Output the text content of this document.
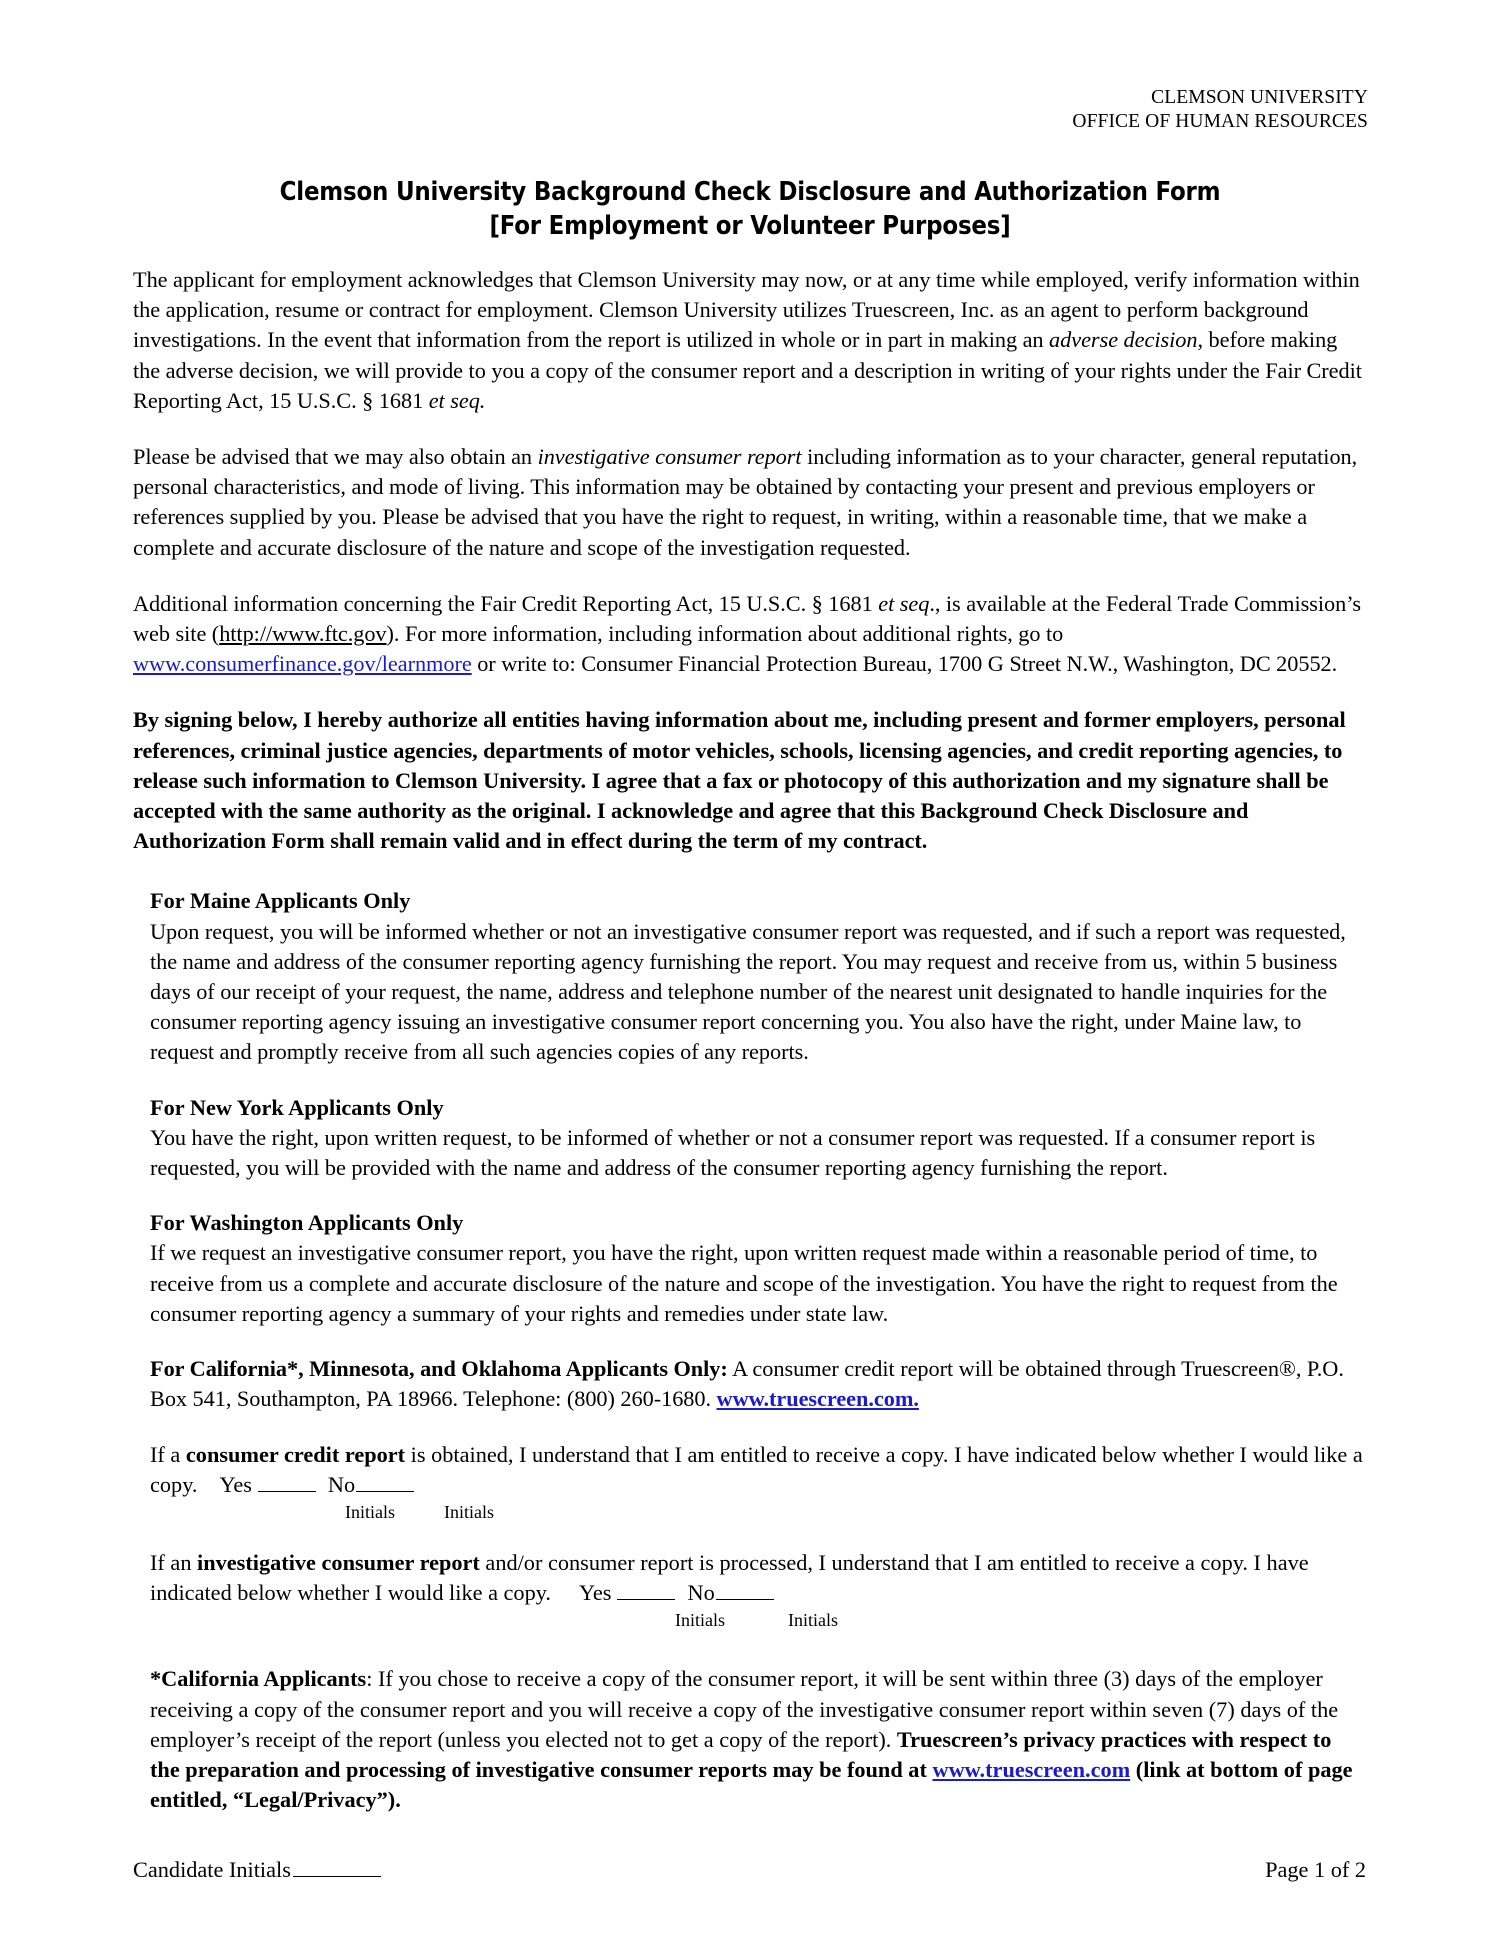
CLEMSON UNIVERSITY
OFFICE OF HUMAN RESOURCES
Clemson University Background Check Disclosure and Authorization Form
[For Employment or Volunteer Purposes]

The applicant for employment acknowledges that Clemson University may now, or at any time while employed, verify information within the application, resume or contract for employment. Clemson University utilizes Truescreen, Inc. as an agent to perform background investigations. In the event that information from the report is utilized in whole or in part in making an adverse decision, before making the adverse decision, we will provide to you a copy of the consumer report and a description in writing of your rights under the Fair Credit Reporting Act, 15 U.S.C. § 1681 et seq.

Please be advised that we may also obtain an investigative consumer report including information as to your character, general reputation, personal characteristics, and mode of living. This information may be obtained by contacting your present and previous employers or references supplied by you. Please be advised that you have the right to request, in writing, within a reasonable time, that we make a complete and accurate disclosure of the nature and scope of the investigation requested.

Additional information concerning the Fair Credit Reporting Act, 15 U.S.C. § 1681 et seq., is available at the Federal Trade Commission’s web site (http://www.ftc.gov). For more information, including information about additional rights, go to www.consumerfinance.gov/learnmore or write to: Consumer Financial Protection Bureau, 1700 G Street N.W., Washington, DC 20552.

By signing below, I hereby authorize all entities having information about me, including present and former employers, personal references, criminal justice agencies, departments of motor vehicles, schools, licensing agencies, and credit reporting agencies, to release such information to Clemson University. I agree that a fax or photocopy of this authorization and my signature shall be accepted with the same authority as the original. I acknowledge and agree that this Background Check Disclosure and Authorization Form shall remain valid and in effect during the term of my contract.

For Maine Applicants Only

Upon request, you will be informed whether or not an investigative consumer report was requested, and if such a report was requested, the name and address of the consumer reporting agency furnishing the report. You may request and receive from us, within 5 business days of our receipt of your request, the name, address and telephone number of the nearest unit designated to handle inquiries for the consumer reporting agency issuing an investigative consumer report concerning you. You also have the right, under Maine law, to request and promptly receive from all such agencies copies of any reports.

For New York Applicants Only

You have the right, upon written request, to be informed of whether or not a consumer report was requested. If a consumer report is requested, you will be provided with the name and address of the consumer reporting agency furnishing the report.

For Washington Applicants Only

If we request an investigative consumer report, you have the right, upon written request made within a reasonable period of time, to receive from us a complete and accurate disclosure of the nature and scope of the investigation. You have the right to request from the consumer reporting agency a summary of your rights and remedies under state law.

For California*, Minnesota, and Oklahoma Applicants Only: A consumer credit report will be obtained through Truescreen®, P.O. Box 541, Southampton, PA 18966. Telephone: (800) 260-1680. www.truescreen.com.

If a consumer credit report is obtained, I understand that I am entitled to receive a copy. I have indicated below whether I would like a copy. Yes	No

Initials	Initials

If an investigative consumer report and/or consumer report is processed, I understand that I am entitled to receive a copy. I have indicated below whether I would like a copy. Yes	No

Initials	Initials

*California Applicants: If you chose to receive a copy of the consumer report, it will be sent within three (3) days of the employer receiving a copy of the consumer report and you will receive a copy of the investigative consumer report within seven (7) days of the employer’s receipt of the report (unless you elected not to get a copy of the report). Truescreen’s privacy practices with respect to the preparation and processing of investigative consumer reports may be found at www.truescreen.com (link at bottom of page entitled, “Legal/Privacy”).

Candidate Initials	Page 1 of 2
